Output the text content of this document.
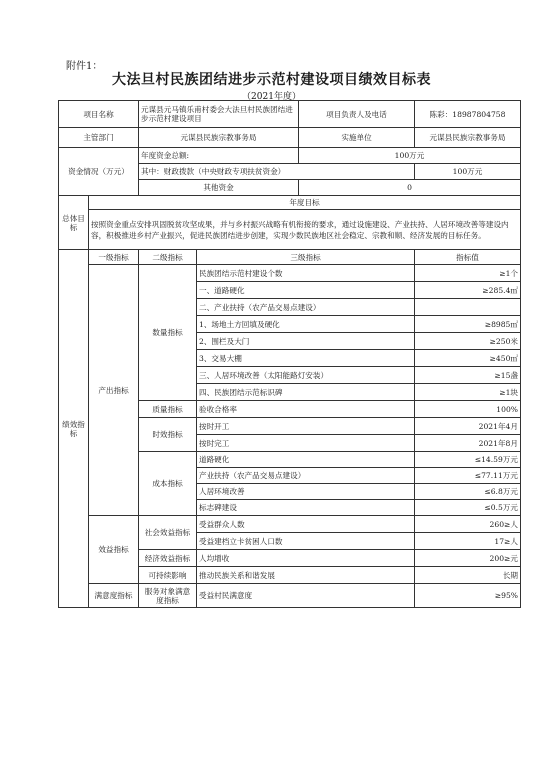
附件1：
大法旦村民族团结进步示范村建设项目绩效目标表
（2021年度）
项目名称		元谋县元马镇乐甫村委会大法旦村民族团结进步示范村建设项目		项目负责人及电话	陈彩：18987804758
主管部门		元谋县民族宗教事务局		实施单位	元谋县民族宗教事务局
资金情况（万元）		年度资金总额:		100万元	
		其中：财政拨款（中央财政专项扶贫资金）			100万元
		其他资金		0	
总体目标	年度目标				
	按照资金重点安排巩固脱贫攻坚成果，并与乡村振兴战略有机衔接的要求，通过设施建设、产业扶持、人居环境改善等建设内容，积极推进乡村产业振兴，促进民族团结进步创建，实现少数民族地区社会稳定、宗教和顺、经济发展的目标任务。				
绩效指标	一级指标	二级指标	三级指标		指标值
	产出指标	数量指标	民族团结示范村建设个数		≥1个
			一、道路硬化		≥285.4㎡
			二、产业扶持（农产品交易点建设）		
			1、场地土方回填及硬化		≥8985㎡
			2、围栏及大门		≥250米
			3、交易大棚		≥450㎡
			三、人居环境改善（太阳能路灯安装）		≥15盏
			四、民族团结示范标识碑		≥1块
		质量指标	验收合格率		100%
		时效指标	按时开工		2021年4月
			按时完工		2021年8月
		成本指标	道路硬化		≤14.59万元
			产业扶持（农产品交易点建设）		≤77.11万元
			人居环境改善		≤6.8万元
			标志碑建设		≤0.5万元
	效益指标	社会效益指标	受益群众人数		260≥人
			受益建档立卡贫困人口数		17≥人
		经济效益指标	人均增收		200≥元
		可持续影响	推动民族关系和谐发展		长期
	满意度指标	服务对象满意度指标	受益村民满意度		≥95%
